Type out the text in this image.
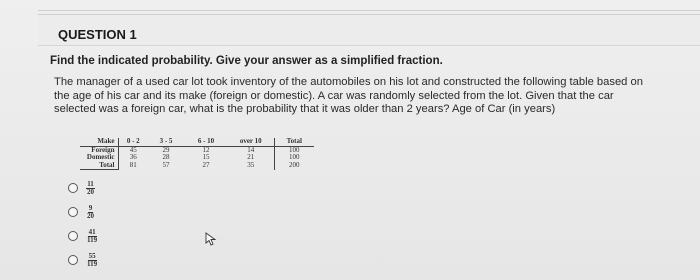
QUESTION 1
Find the indicated probability. Give your answer as a simplified fraction.
The manager of a used car lot took inventory of the automobiles on his lot and constructed the following table based on the age of his car and its make (foreign or domestic). A car was randomly selected from the lot. Given that the car selected was a foreign car, what is the probability that it was older than 2 years? Age of Car (in years)
Make	0 - 2	3 - 5	6 - 10	over 10	Total
Foreign	45	29	12	14	100
Domestic	36	28	15	21	100
Total	81	57	27	35	200
$\frac{11}{20}$
$\frac{9}{20}$
$\frac{41}{119}$
$\frac{55}{119}$
